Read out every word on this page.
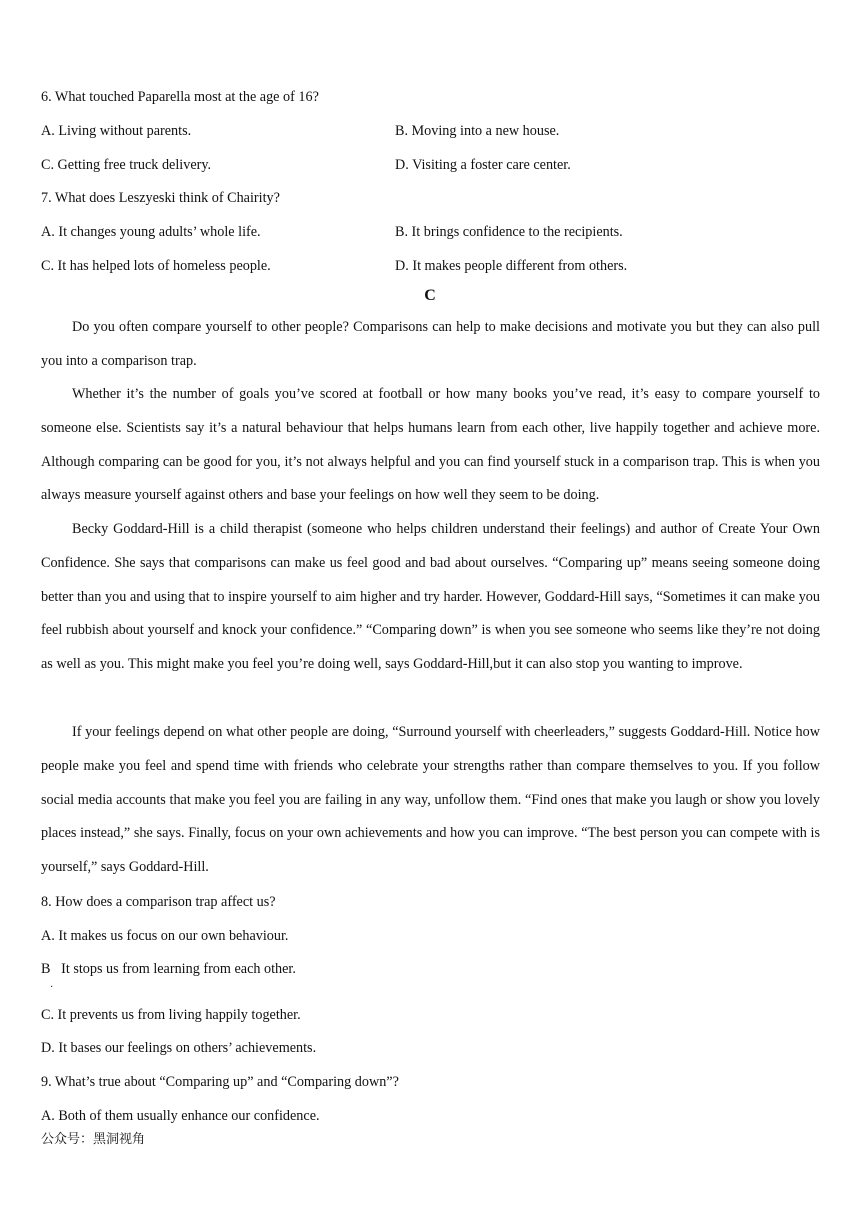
6. What touched Paparella most at the age of 16?
A. Living without parents.	B. Moving into a new house.
C. Getting free truck delivery.	D. Visiting a foster care center.
7. What does Leszyeski think of Chairity?
A. It changes young adults’ whole life.	B. It brings confidence to the recipients.
C. It has helped lots of homeless people.	D. It makes people different from others.
C
Do you often compare yourself to other people? Comparisons can help to make decisions and motivate you but they can also pull you into a comparison trap.
Whether it’s the number of goals you’ve scored at football or how many books you’ve read, it’s easy to compare yourself to someone else. Scientists say it’s a natural behaviour that helps humans learn from each other, live happily together and achieve more. Although comparing can be good for you, it’s not always helpful and you can find yourself stuck in a comparison trap. This is when you always measure yourself against others and base your feelings on how well they seem to be doing.
Becky Goddard-Hill is a child therapist (someone who helps children understand their feelings) and author of Create Your Own Confidence. She says that comparisons can make us feel good and bad about ourselves. “Comparing up” means seeing someone doing better than you and using that to inspire yourself to aim higher and try harder. However, Goddard-Hill says, “Sometimes it can make you feel rubbish about yourself and knock your confidence.” “Comparing down” is when you see someone who seems like they’re not doing as well as you. This might make you feel you’re doing well, says Goddard-Hill,but it can also stop you wanting to improve.
If your feelings depend on what other people are doing, “Surround yourself with cheerleaders,” suggests Goddard-Hill. Notice how people make you feel and spend time with friends who celebrate your strengths rather than compare themselves to you. If you follow social media accounts that make you feel you are failing in any way, unfollow them. “Find ones that make you laugh or show you lovely places instead,” she says. Finally, focus on your own achievements and how you can improve. “The best person you can compete with is yourself,” says Goddard-Hill.
8. How does a comparison trap affect us?
A. It makes us focus on our own behaviour.
B   It stops us from learning from each other.
·
C. It prevents us from living happily together.
D. It bases our feelings on others’ achievements.
9. What’s true about “Comparing up” and “Comparing down”?
A. Both of them usually enhance our confidence.
公众号：黑洞视角
